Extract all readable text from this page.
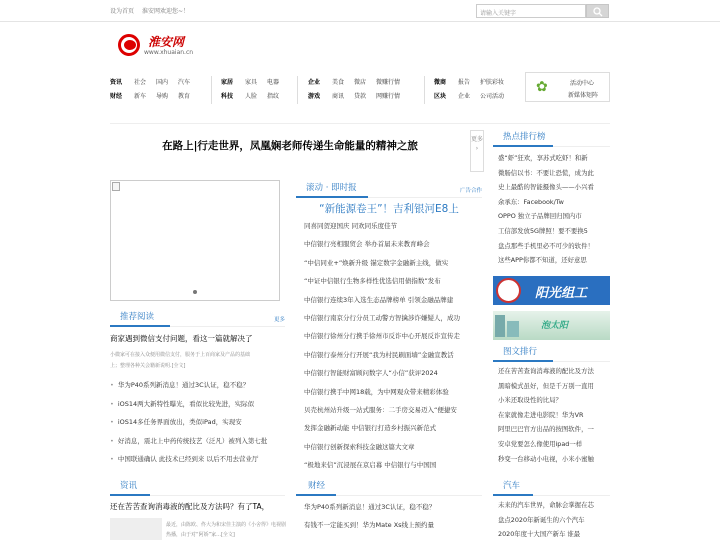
设为首页 淮安网欢迎您~！	请输入关键字
淮安网
www.xhuaian.cn
资讯 社会 国内 汽车
财经 新车 导购 教育
家居 家具 电器
科技 人脸 指纹
企业 美食 微店 微赚行情
游戏 商讯 贷款 网赚行情
微商 报告 护肤彩妆
区块 企业 公司活动
✿	活动中心
新媒体矩阵
在路上|行走世界，凤凰娴老师传递生命能量的精神之旅
更多
›
推荐阅读	更多
商家遇到微信支付问题，看这一篇就解决了
小微家可在接入众便用微信支付，服务于上百商家及产品的基础
上；整理各种关会籍新说明.[全文]
• 华为P40系列新消息！通过3C认证，稳不稳？
• iOS14两大新特性曝光，看似比较先进，实际似
• iOS14多任务界面放出，类似iPad，实现安
• 好消息，震北上中药传统技艺（泛凡）被列入第七批
• 中国联通确认 此技术已经到来 以后不用去营业厅
滚动 · 即时报	广告合作
“新能源卷王”！吉利银河E8上
同喜同贺迎国庆 同欢同乐度佳节
中信银行亮相服贸会 举办首届未来教育峰会
“中信同业+”焕新升级 锚定数字金融新主线，做实
“中证中信银行生物多样性优选信用债指数”发布
中信银行连续3年入选生态品牌榜单 引领金融品牌建
中信银行南京分行分员工动警方智擒涉诈嫌疑人，成功
中信银行徐州分行携手徐州市反诈中心开展反诈宣传走
中信银行泰州分行开展“我为村民刷面墙”金融宣教活
中信银行智能财富顾问数字人“小信”获评2024
中信银行携手中网18载，为中网观众带来精彩体验
贝壳杭州站升级一站式服务：二手房交易迈入“便捷安
发挥金融新动能 中信银行打造乡村振兴新范式
中信银行创新探索科技金融这篇大文章
“极地来信”沉浸展在京启幕 中信银行与中国国
热点排行榜
盛“虾”狂欢，享苏式吃虾！和新
微肠信以书：不要让恐慌，成为此
史上最酷的智能摄像头——小兴看
余承东：Facebook/Tw
OPPO 独立子品牌回归国内市
工信部发放5G牌照！要不要换5
盘点那些手机里必不可少的软件！
这些APP你都不知道，还好意思
阳光组工
泡太阳
图文排行
还在苦苦查询消毒液的配比及方法
黑暗模式虽好，但是千万别一直用
小米还取设性的比局？
在家就像走进电影院！华为VR
阿里巴巴官方出品的按图软件，一
安卓党要怎么像使用ipad一样
秒变一台移动小电视，小米小蜜触
资讯
还在苦苦查询消毒液的配比及方法吗？有了TA，
最近，由陈欧、佟大为和宋佳主演的《小舍得》电视剧热播，由于对“阿娇”家...[全文]
财经
华为P40系列新消息！通过3C认证，稳不稳？
有钱不一定能买到！华为Mate Xs线上预约量
汽车
未来的汽车世界，命脉会掌握在芯
盘点2020年新诞生的六个汽车
2020年度十大国产新车 谁最
